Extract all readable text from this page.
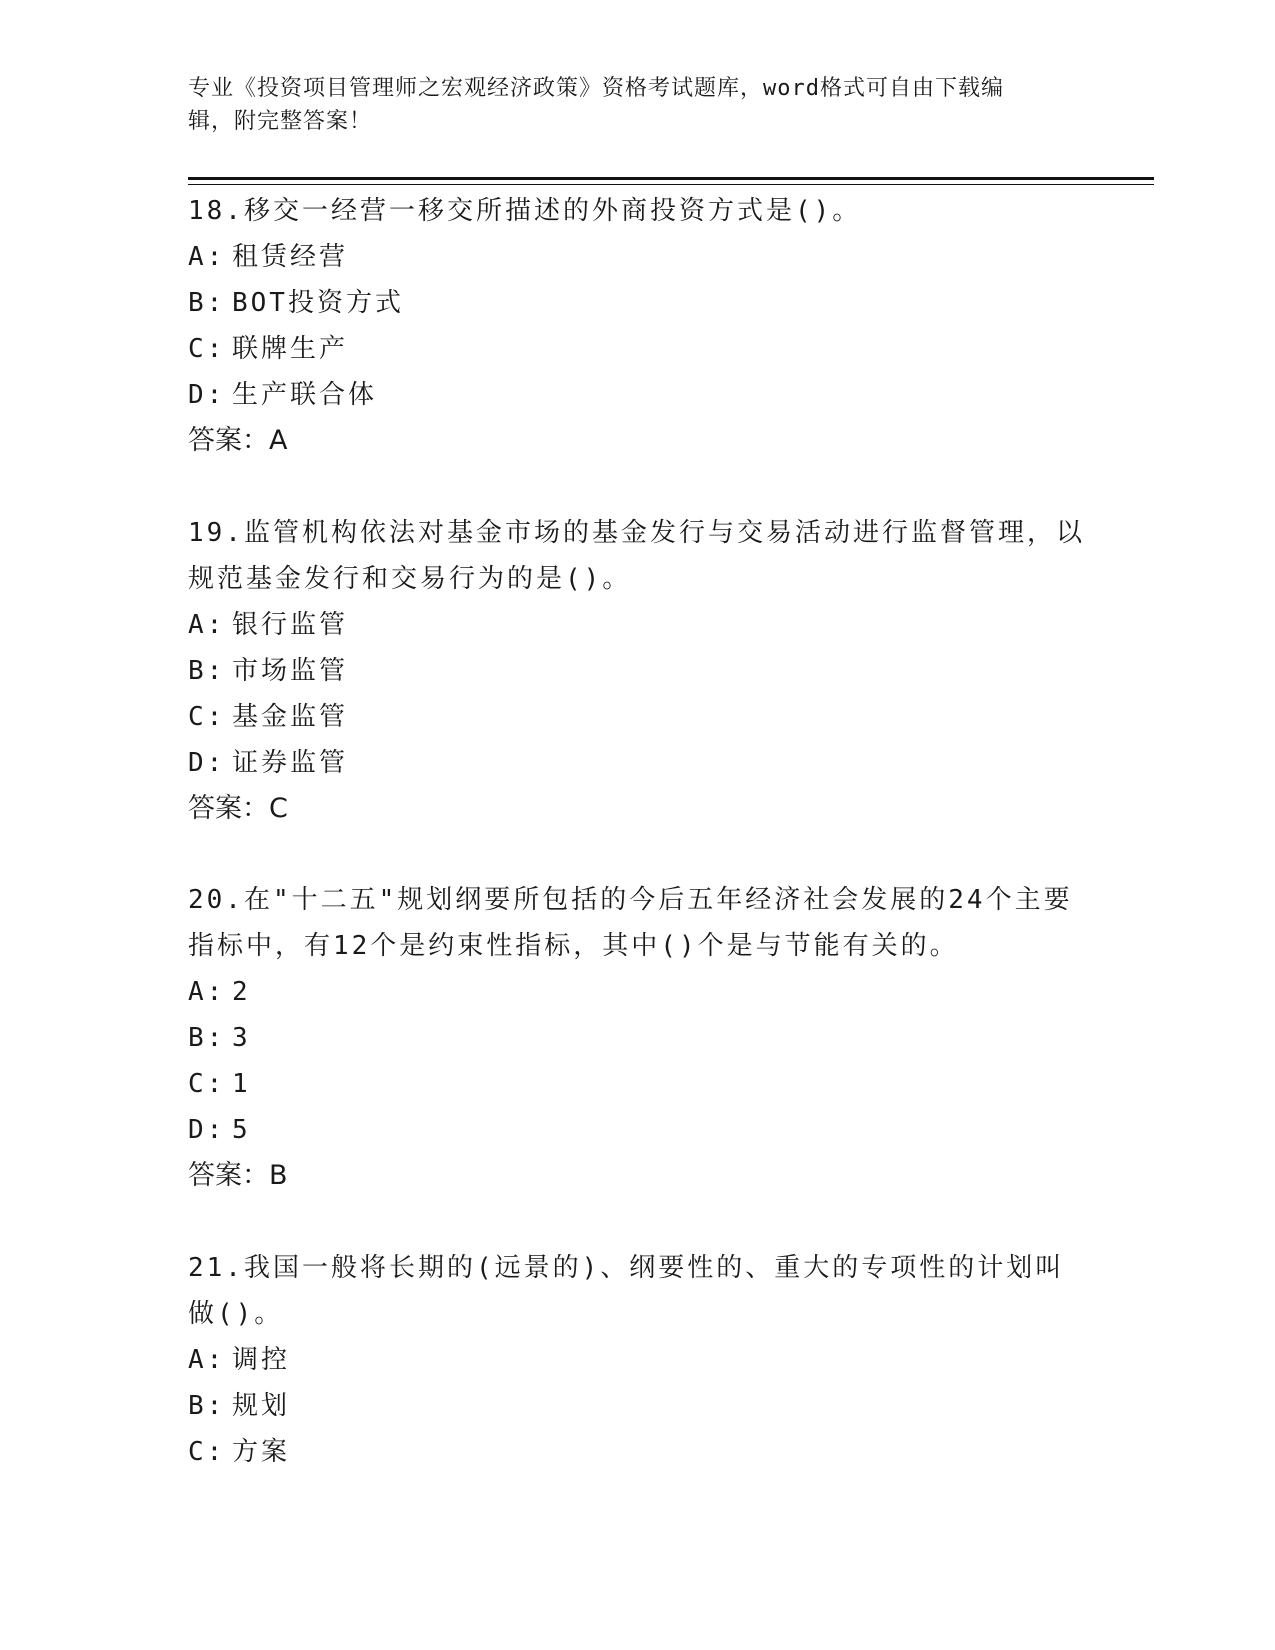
专业《投资项目管理师之宏观经济政策》资格考试题库，word格式可自由下载编
辑，附完整答案！

18.移交一经营一移交所描述的外商投资方式是()。

A: 租赁经营

B: BOT投资方式

C: 联牌生产

D: 生产联合体

答案：A

19.监管机构依法对基金市场的基金发行与交易活动进行监督管理，以规范基金发行和交易行为的是()。

A: 银行监管

B: 市场监管

C: 基金监管

D: 证券监管

答案：C

20.在"十二五"规划纲要所包括的今后五年经济社会发展的24个主要指标中，有12个是约束性指标，其中()个是与节能有关的。

A: 2

B: 3

C: 1

D: 5

答案：B

21.我国一般将长期的(远景的)、纲要性的、重大的专项性的计划叫做()。

A: 调控

B: 规划

C: 方案
